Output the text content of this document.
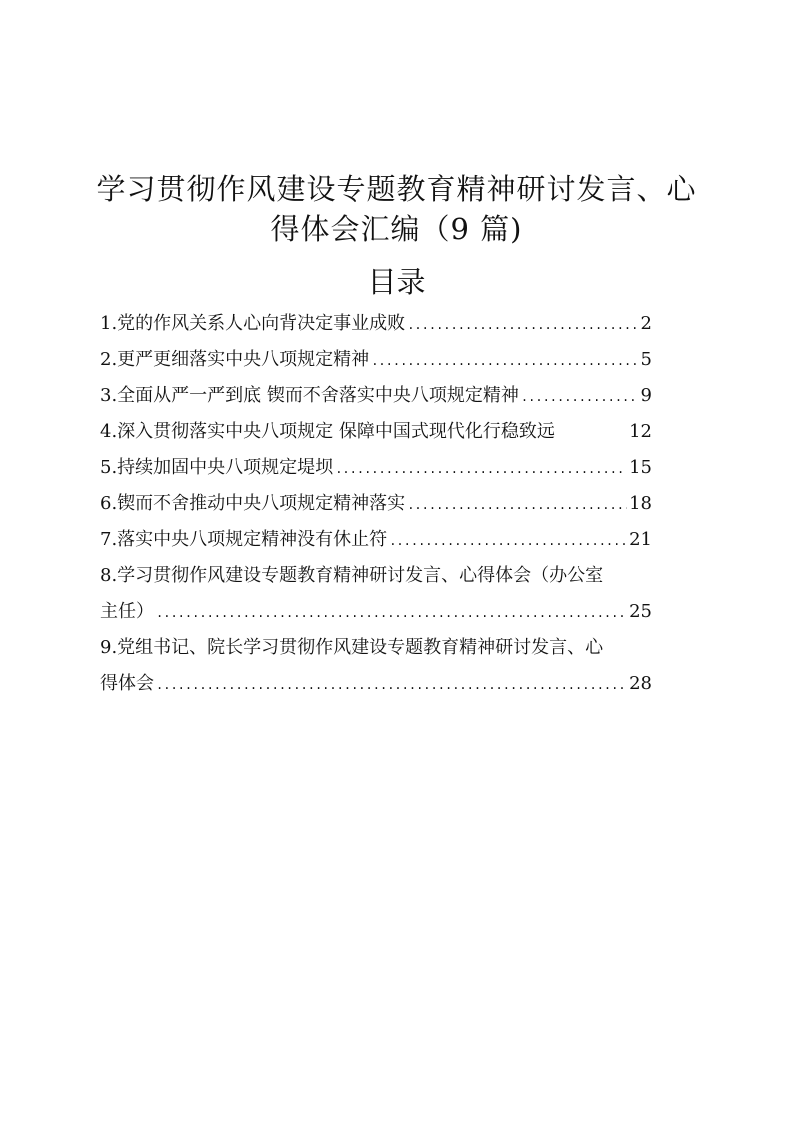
学习贯彻作风建设专题教育精神研讨发言、心
得体会汇编（9 篇)
目录
1.党的作风关系人心向背决定事业成败 .....	2
2.更严更细落实中央八项规定精神 .....	5
3.全面从严一严到底 锲而不舍落实中央八项规定精神 .....	9
4.深入贯彻落实中央八项规定 保障中国式现代化行稳致远	12
5.持续加固中央八项规定堤坝 .....	15
6.锲而不舍推动中央八项规定精神落实 .....	18
7.落实中央八项规定精神没有休止符 .....	21
8.学习贯彻作风建设专题教育精神研讨发言、心得体会（办公室
主任） .....	25
9.党组书记、院长学习贯彻作风建设专题教育精神研讨发言、心
得体会 .....	28
